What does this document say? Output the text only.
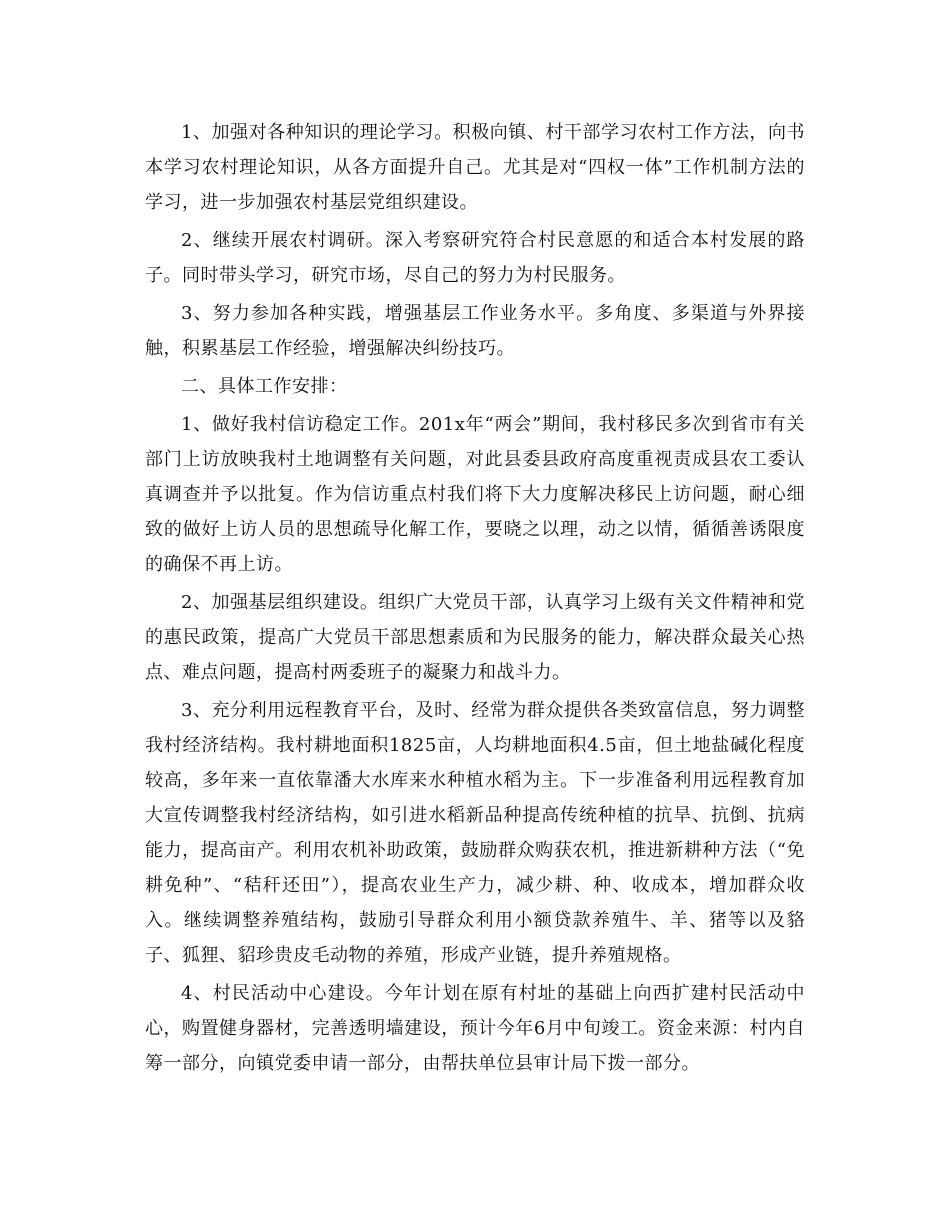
1、加强对各种知识的理论学习。积极向镇、村干部学习农村工作方法，向书本学习农村理论知识，从各方面提升自己。尤其是对“四权一体”工作机制方法的学习，进一步加强农村基层党组织建设。

2、继续开展农村调研。深入考察研究符合村民意愿的和适合本村发展的路子。同时带头学习，研究市场，尽自己的努力为村民服务。

3、努力参加各种实践，增强基层工作业务水平。多角度、多渠道与外界接触，积累基层工作经验，增强解决纠纷技巧。

二、具体工作安排：

1、做好我村信访稳定工作。201x年“两会”期间，我村移民多次到省市有关部门上访放映我村土地调整有关问题，对此县委县政府高度重视责成县农工委认真调查并予以批复。作为信访重点村我们将下大力度解决移民上访问题，耐心细致的做好上访人员的思想疏导化解工作，要晓之以理，动之以情，循循善诱限度的确保不再上访。

2、加强基层组织建设。组织广大党员干部，认真学习上级有关文件精神和党的惠民政策，提高广大党员干部思想素质和为民服务的能力，解决群众最关心热点、难点问题，提高村两委班子的凝聚力和战斗力。

3、充分利用远程教育平台，及时、经常为群众提供各类致富信息，努力调整我村经济结构。我村耕地面积1825亩，人均耕地面积4.5亩，但土地盐碱化程度较高，多年来一直依靠潘大水库来水种植水稻为主。下一步准备利用远程教育加大宣传调整我村经济结构，如引进水稻新品种提高传统种植的抗旱、抗倒、抗病能力，提高亩产。利用农机补助政策，鼓励群众购获农机，推进新耕种方法（“免耕免种”、“秸秆还田”），提高农业生产力，减少耕、种、收成本，增加群众收入。继续调整养殖结构，鼓励引导群众利用小额贷款养殖牛、羊、猪等以及貉子、狐狸、貂珍贵皮毛动物的养殖，形成产业链，提升养殖规格。

4、村民活动中心建设。今年计划在原有村址的基础上向西扩建村民活动中心，购置健身器材，完善透明墙建设，预计今年6月中旬竣工。资金来源：村内自筹一部分，向镇党委申请一部分，由帮扶单位县审计局下拨一部分。
